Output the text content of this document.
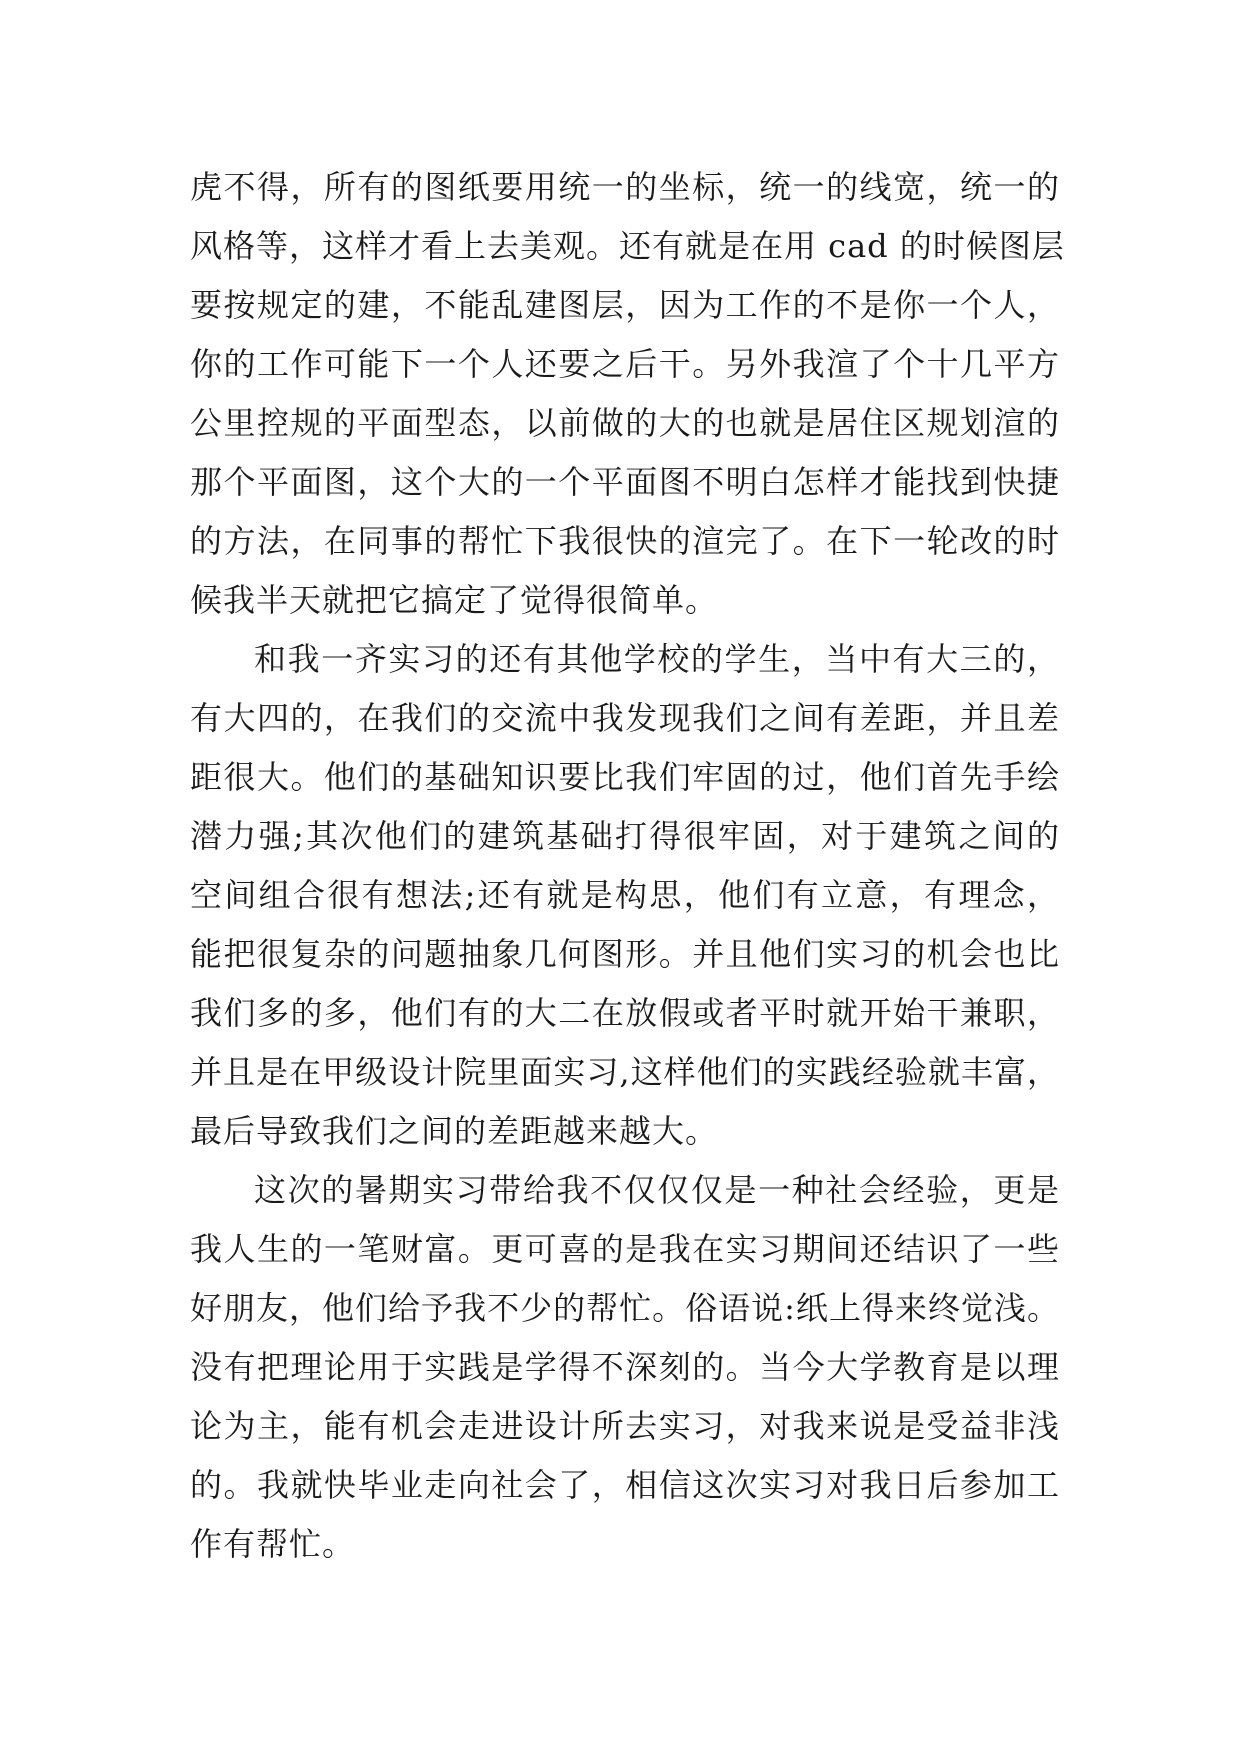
虎不得，所有的图纸要用统一的坐标，统一的线宽，统一的
风格等，这样才看上去美观。还有就是在用 cad 的时候图层
要按规定的建，不能乱建图层，因为工作的不是你一个人，
你的工作可能下一个人还要之后干。另外我渲了个十几平方
公里控规的平面型态，以前做的大的也就是居住区规划渲的
那个平面图，这个大的一个平面图不明白怎样才能找到快捷
的方法，在同事的帮忙下我很快的渲完了。在下一轮改的时
候我半天就把它搞定了觉得很简单。
和我一齐实习的还有其他学校的学生，当中有大三的，
有大四的，在我们的交流中我发现我们之间有差距，并且差
距很大。他们的基础知识要比我们牢固的过，他们首先手绘
潜力强;其次他们的建筑基础打得很牢固，对于建筑之间的
空间组合很有想法;还有就是构思，他们有立意，有理念，
能把很复杂的问题抽象几何图形。并且他们实习的机会也比
我们多的多，他们有的大二在放假或者平时就开始干兼职，
并且是在甲级设计院里面实习,这样他们的实践经验就丰富，
最后导致我们之间的差距越来越大。
这次的暑期实习带给我不仅仅仅是一种社会经验，更是
我人生的一笔财富。更可喜的是我在实习期间还结识了一些
好朋友，他们给予我不少的帮忙。俗语说:纸上得来终觉浅。
没有把理论用于实践是学得不深刻的。当今大学教育是以理
论为主，能有机会走进设计所去实习，对我来说是受益非浅
的。我就快毕业走向社会了，相信这次实习对我日后参加工
作有帮忙。
